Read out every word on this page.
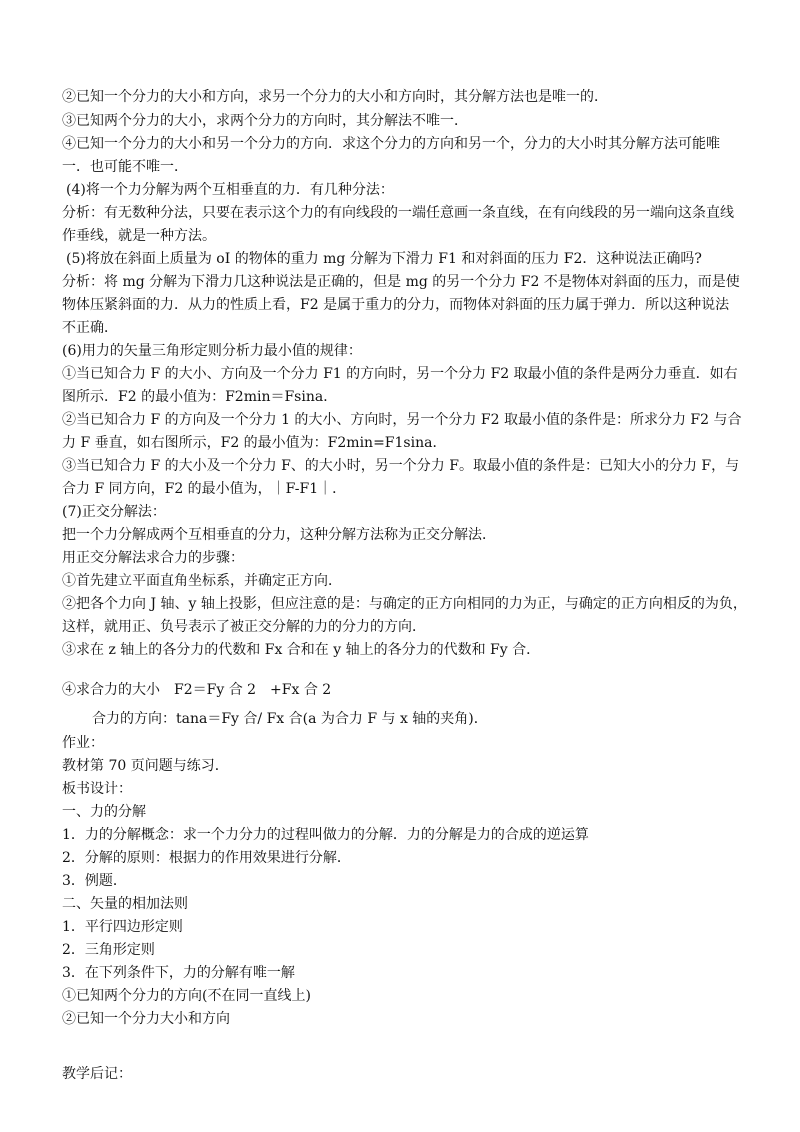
②已知一个分力的大小和方向，求另一个分力的大小和方向时，其分解方法也是唯一的．
③已知两个分力的大小，求两个分力的方向时，其分解法不唯一．
④已知一个分力的大小和另一个分力的方向．求这个分力的方向和另一个，分力的大小时其分解方法可能唯
一．也可能不唯一．
(4)将一个力分解为两个互相垂直的力．有几种分法：
分析：有无数种分法，只要在表示这个力的有向线段的一端任意画一条直线，在有向线段的另一端向这条直线
作垂线，就是一种方法。
(5)将放在斜面上质量为 oI 的物体的重力 mg 分解为下滑力 F1 和对斜面的压力 F2．这种说法正确吗?
分析：将 mg 分解为下滑力几这种说法是正确的，但是 mg 的另一个分力 F2 不是物体对斜面的压力，而是使
物体压紧斜面的力．从力的性质上看，F2 是属于重力的分力，而物体对斜面的压力属于弹力．所以这种说法
不正确．
(6)用力的矢量三角形定则分析力最小值的规律：
①当已知合力 F 的大小、方向及一个分力 F1 的方向时，另一个分力 F2 取最小值的条件是两分力垂直．如右
图所示．F2 的最小值为：F2min＝Fsina．
②当已知合力 F 的方向及一个分力 1 的大小、方向时，另一个分力 F2 取最小值的条件是：所求分力 F2 与合
力 F 垂直，如右图所示，F2 的最小值为：F2min=F1sina．
③当已知合力 F 的大小及一个分力 F、的大小时，另一个分力 F。取最小值的条件是：已知大小的分力 F，与
合力 F 同方向，F2 的最小值为，｜F-F1｜．
(7)正交分解法：
把一个力分解成两个互相垂直的分力，这种分解方法称为正交分解法．
用正交分解法求合力的步骤：
①首先建立平面直角坐标系，并确定正方向．
②把各个力向 J 轴、y 轴上投影，但应注意的是：与确定的正方向相同的力为正，与确定的正方向相反的为负，
这样，就用正、负号表示了被正交分解的力的分力的方向．
③求在 z 轴上的各分力的代数和 Fx 合和在 y 轴上的各分力的代数和 Fy 合．
④求合力的大小　F2＝Fy 合 2　+Fx 合 2
合力的方向：tana＝Fy 合/ Fx 合(a 为合力 F 与 x 轴的夹角)．
作业：
教材第 70 页问题与练习．
板书设计：
一、力的分解
1．力的分解概念：求一个力分力的过程叫做力的分解．力的分解是力的合成的逆运算
2．分解的原则：根据力的作用效果进行分解．
3．例题．
二、矢量的相加法则
1．平行四边形定则
2．三角形定则
3．在下列条件下，力的分解有唯一解
①已知两个分力的方向(不在同一直线上)
②已知一个分力大小和方向
教学后记：
